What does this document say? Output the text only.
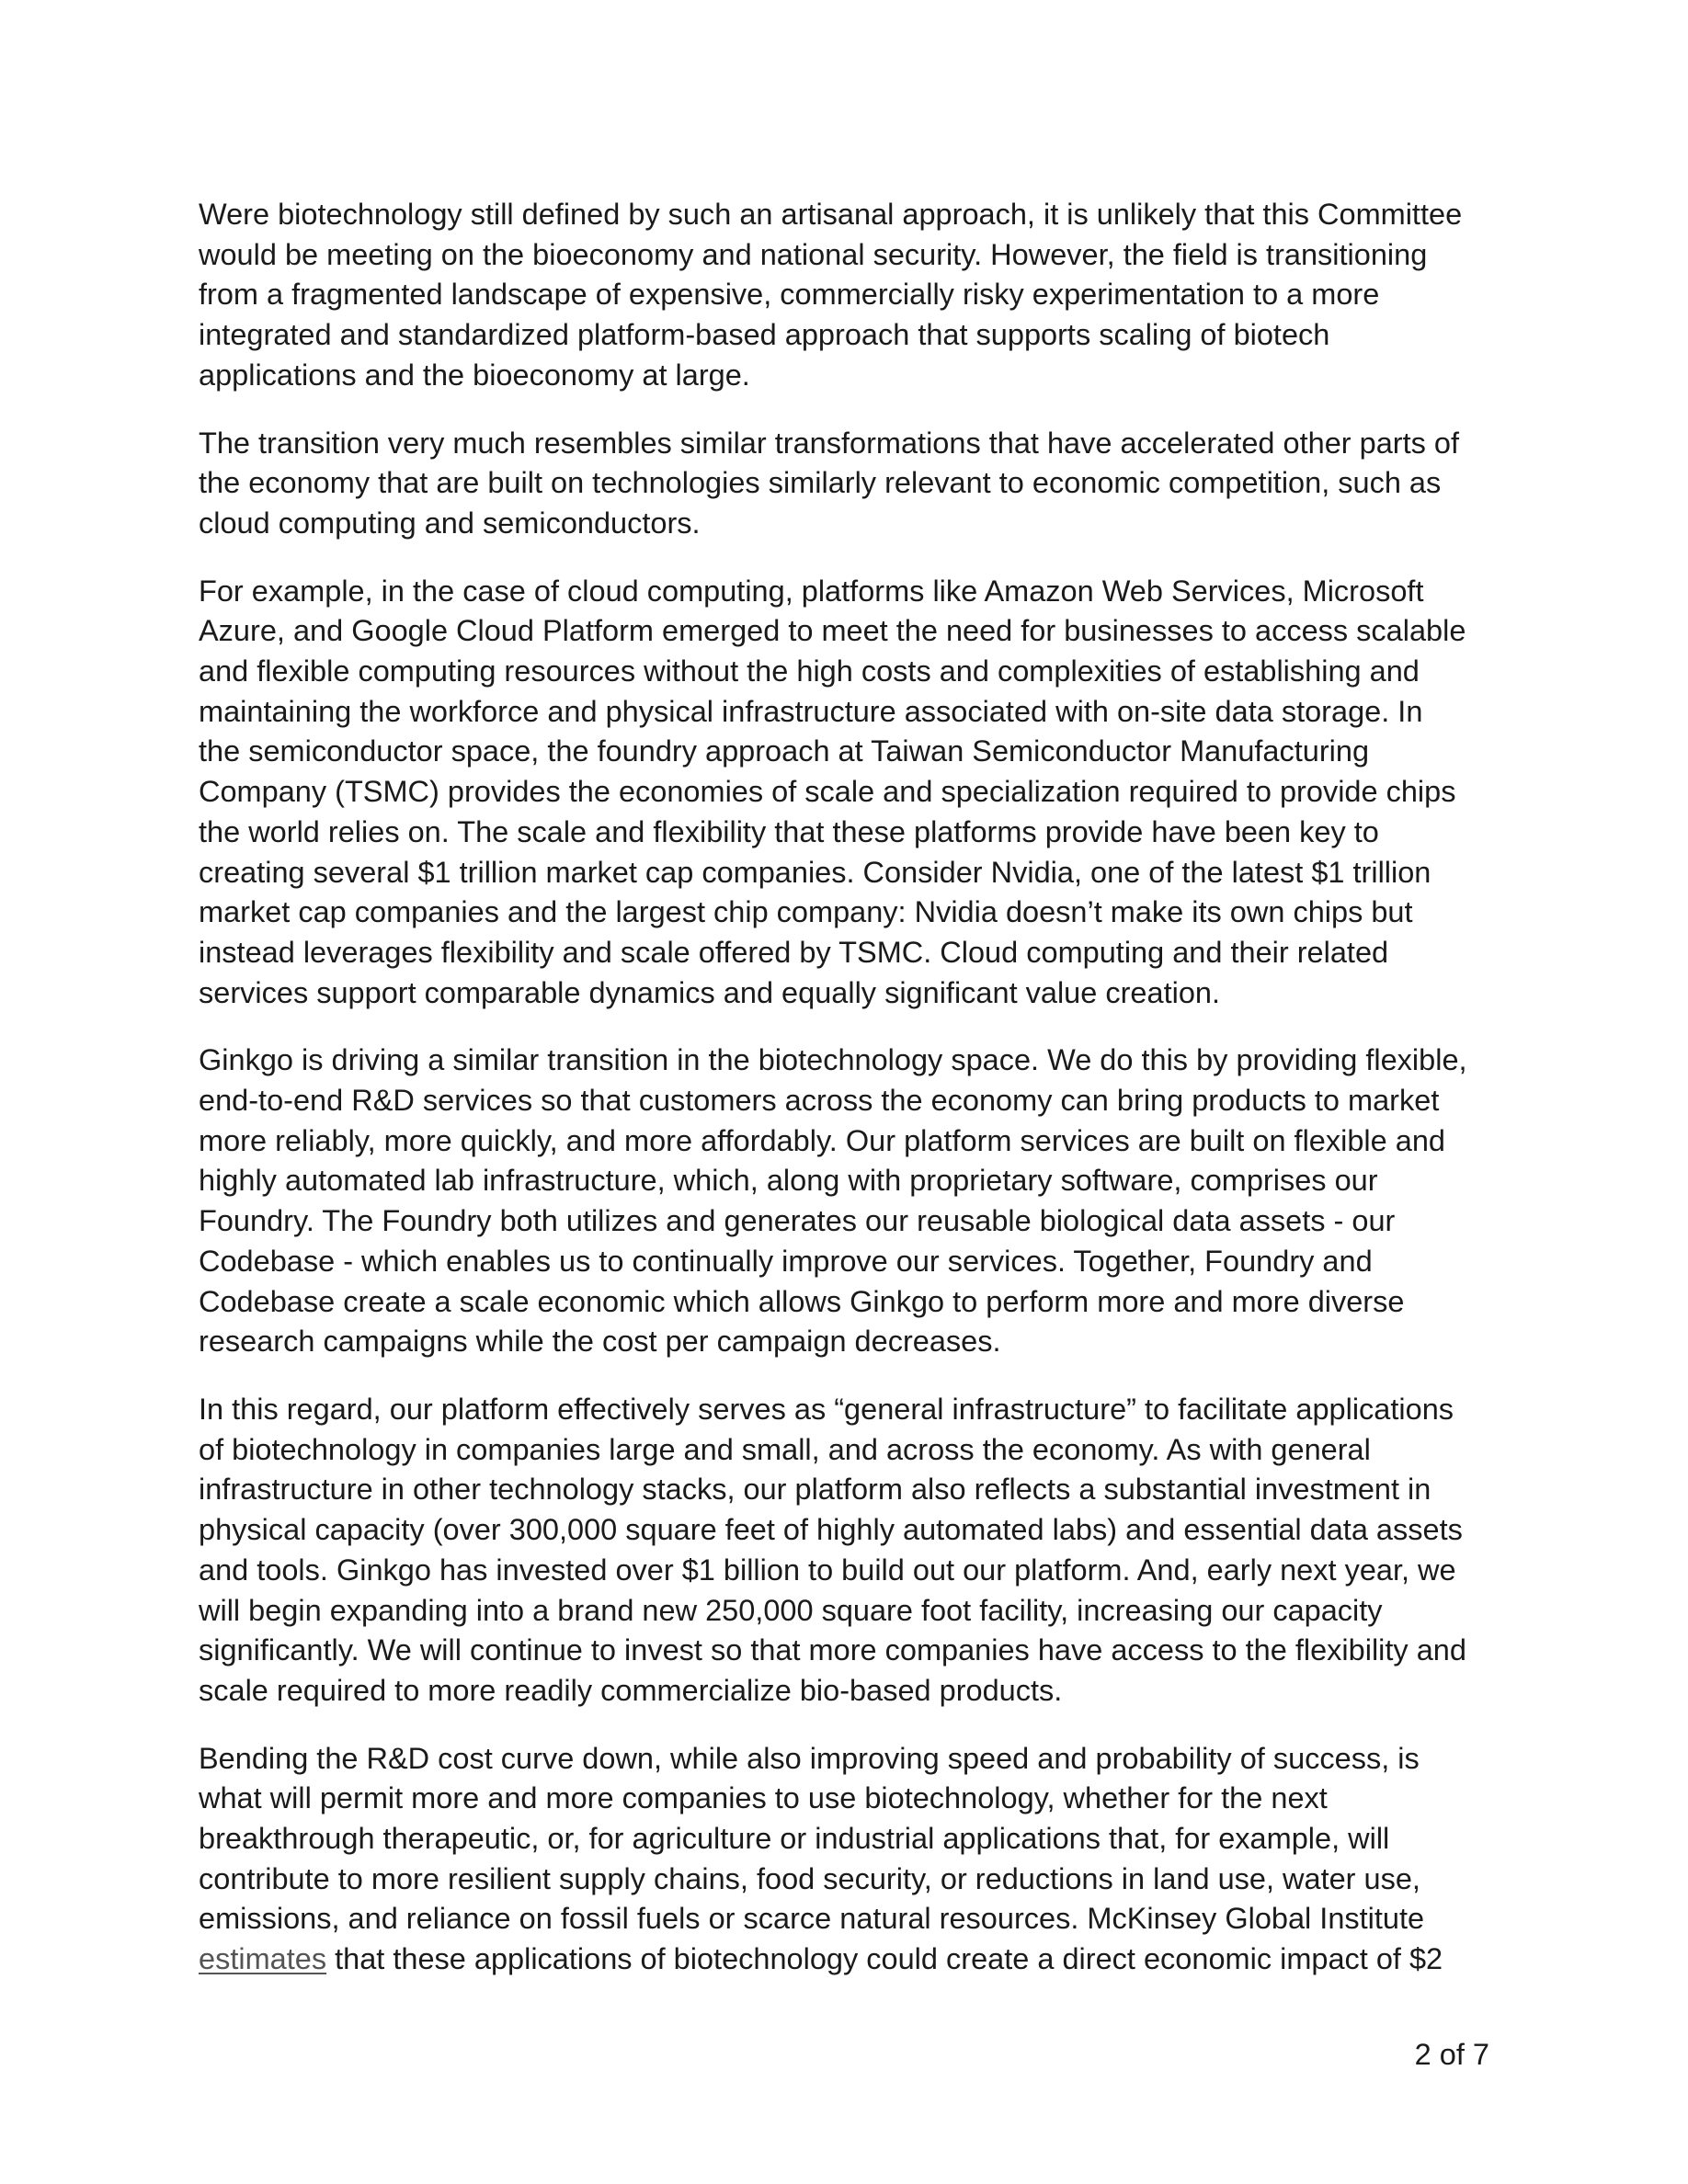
Were biotechnology still defined by such an artisanal approach, it is unlikely that this Committee
would be meeting on the bioeconomy and national security. However, the field is transitioning
from a fragmented landscape of expensive, commercially risky experimentation to a more
integrated and standardized platform-based approach that supports scaling of biotech
applications and the bioeconomy at large.

The transition very much resembles similar transformations that have accelerated other parts of
the economy that are built on technologies similarly relevant to economic competition, such as
cloud computing and semiconductors.

For example, in the case of cloud computing, platforms like Amazon Web Services, Microsoft
Azure, and Google Cloud Platform emerged to meet the need for businesses to access scalable
and flexible computing resources without the high costs and complexities of establishing and
maintaining the workforce and physical infrastructure associated with on-site data storage. In
the semiconductor space, the foundry approach at Taiwan Semiconductor Manufacturing
Company (TSMC) provides the economies of scale and specialization required to provide chips
the world relies on. The scale and flexibility that these platforms provide have been key to
creating several $1 trillion market cap companies. Consider Nvidia, one of the latest $1 trillion
market cap companies and the largest chip company: Nvidia doesn’t make its own chips but
instead leverages flexibility and scale offered by TSMC. Cloud computing and their related
services support comparable dynamics and equally significant value creation.

Ginkgo is driving a similar transition in the biotechnology space. We do this by providing flexible,
end-to-end R&D services so that customers across the economy can bring products to market
more reliably, more quickly, and more affordably. Our platform services are built on flexible and
highly automated lab infrastructure, which, along with proprietary software, comprises our
Foundry. The Foundry both utilizes and generates our reusable biological data assets - our
Codebase - which enables us to continually improve our services. Together, Foundry and
Codebase create a scale economic which allows Ginkgo to perform more and more diverse
research campaigns while the cost per campaign decreases.

In this regard, our platform effectively serves as “general infrastructure” to facilitate applications
of biotechnology in companies large and small, and across the economy. As with general
infrastructure in other technology stacks, our platform also reflects a substantial investment in
physical capacity (over 300,000 square feet of highly automated labs) and essential data assets
and tools. Ginkgo has invested over $1 billion to build out our platform. And, early next year, we
will begin expanding into a brand new 250,000 square foot facility, increasing our capacity
significantly. We will continue to invest so that more companies have access to the flexibility and
scale required to more readily commercialize bio-based products.

Bending the R&D cost curve down, while also improving speed and probability of success, is
what will permit more and more companies to use biotechnology, whether for the next
breakthrough therapeutic, or, for agriculture or industrial applications that, for example, will
contribute to more resilient supply chains, food security, or reductions in land use, water use,
emissions, and reliance on fossil fuels or scarce natural resources. McKinsey Global Institute
estimates that these applications of biotechnology could create a direct economic impact of $2

2 of 7
